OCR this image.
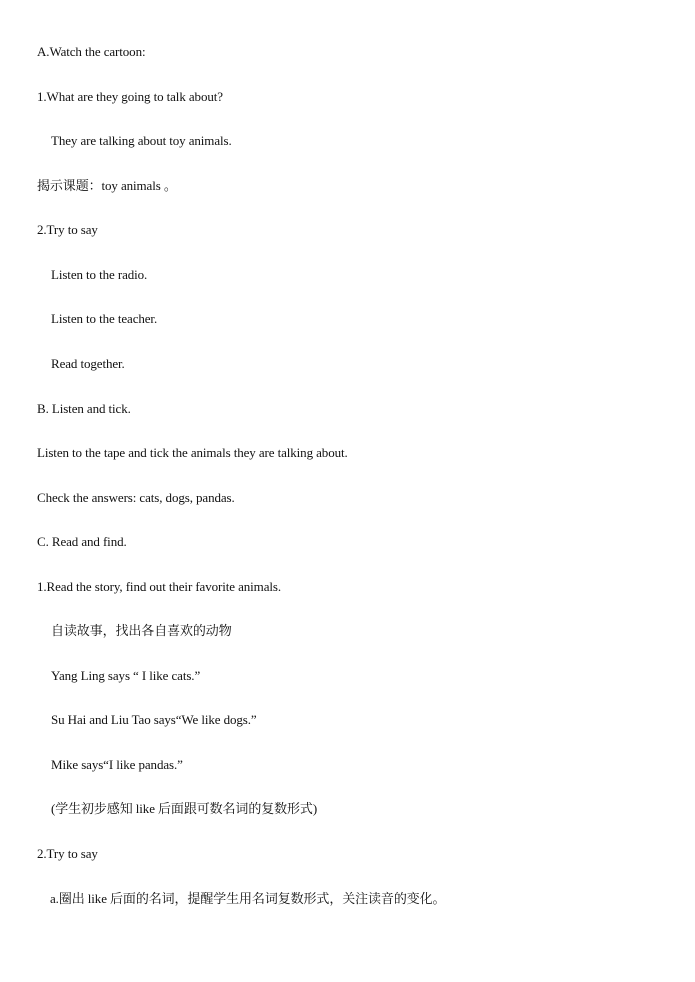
A.Watch the cartoon:
1.What are they going to talk about?
They are talking about toy animals.
揭示课题：toy animals 。
2.Try to say
Listen to the radio.
Listen to the teacher.
Read together.
B. Listen and tick.
Listen to the tape and tick the animals they are talking about.
Check the answers: cats, dogs, pandas.
C. Read and find.
1.Read the story, find out their favorite animals.
自读故事，找出各自喜欢的动物
Yang Ling says “ I like cats.”
Su Hai and Liu Tao says“We like dogs.”
Mike says“I like pandas.”
(学生初步感知 like 后面跟可数名词的复数形式)
2.Try to say
a.圈出 like 后面的名词，提醒学生用名词复数形式，关注读音的变化。
